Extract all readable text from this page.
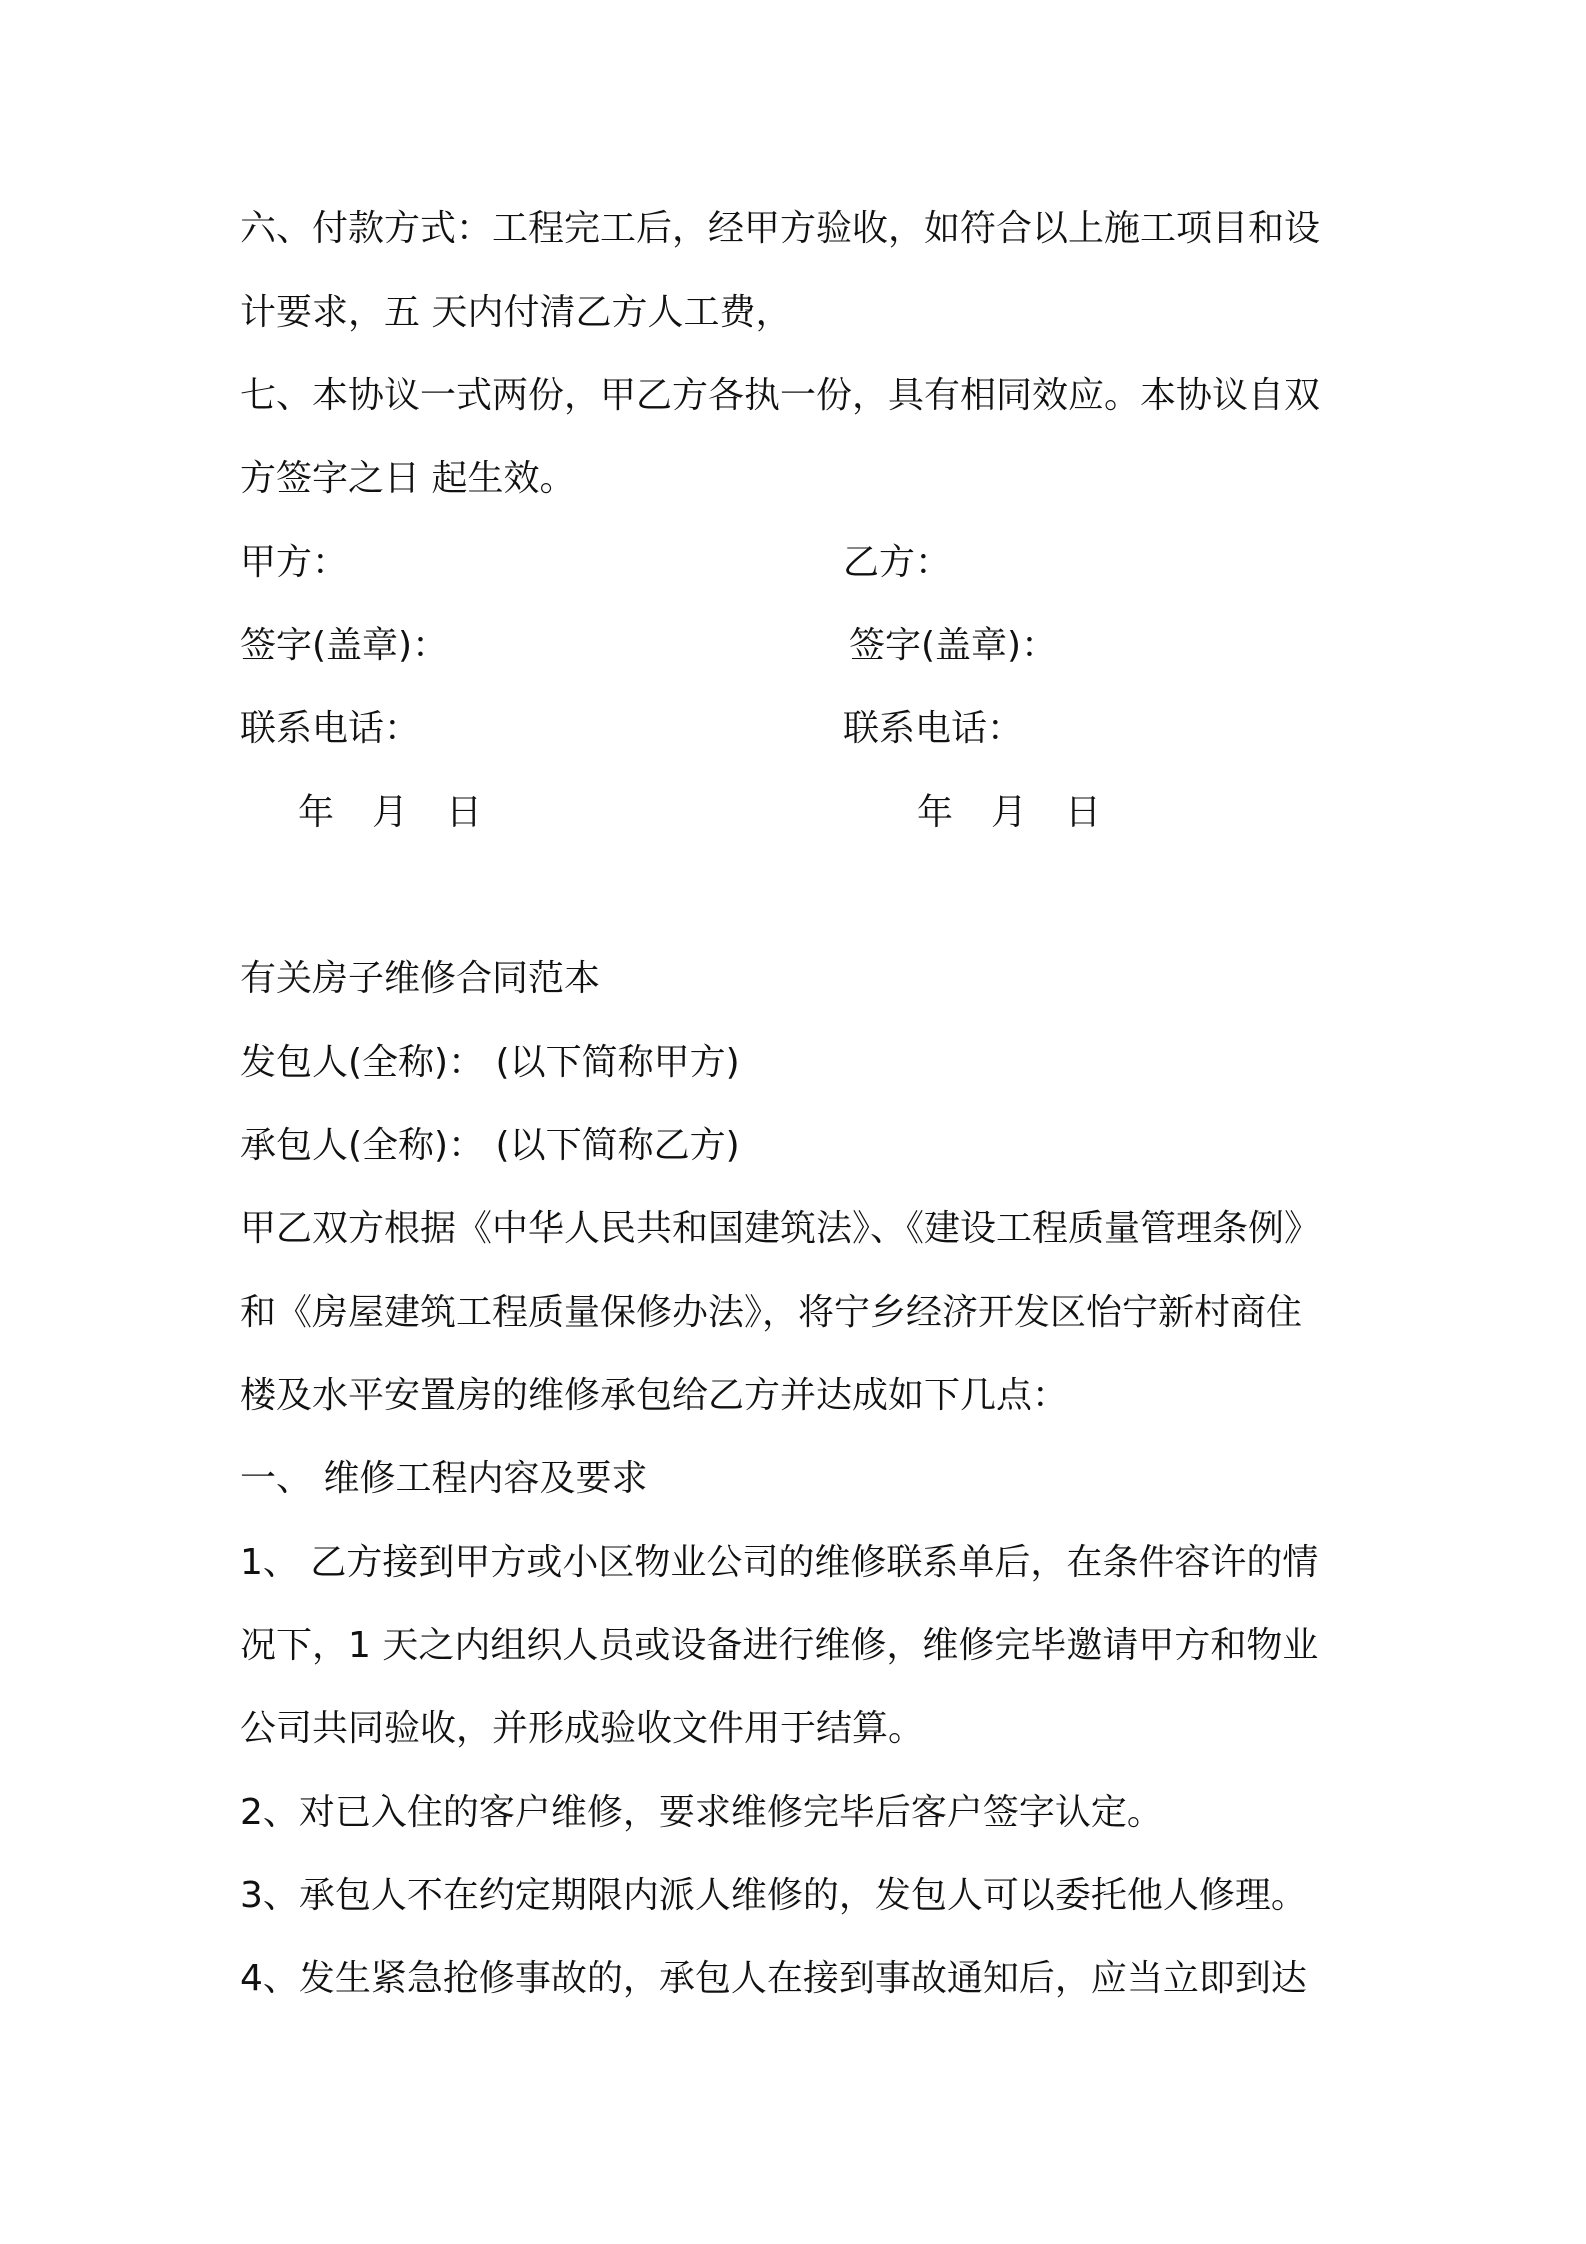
六、付款方式：工程完工后，经甲方验收，如符合以上施工项目和设
计要求，五 天内付清乙方人工费，
七、本协议一式两份，甲乙方各执一份，具有相同效应。本协议自双
方签字之日 起生效。
甲方：	乙方：
签字(盖章)：	签字(盖章)：
联系电话：	联系电话：
年 月 日	年 月 日
有关房子维修合同范本
发包人(全称)： (以下简称甲方)
承包人(全称)： (以下简称乙方)
甲乙双方根据《中华人民共和国建筑法》、《建设工程质量管理条例》
和《房屋建筑工程质量保修办法》，将宁乡经济开发区怡宁新村商住
楼及水平安置房的维修承包给乙方并达成如下几点：
一、 维修工程内容及要求
1、 乙方接到甲方或小区物业公司的维修联系单后，在条件容许的情
况下，1 天之内组织人员或设备进行维修，维修完毕邀请甲方和物业
公司共同验收，并形成验收文件用于结算。
2、对已入住的客户维修，要求维修完毕后客户签字认定。
3、承包人不在约定期限内派人维修的，发包人可以委托他人修理。
4、发生紧急抢修事故的，承包人在接到事故通知后，应当立即到达
